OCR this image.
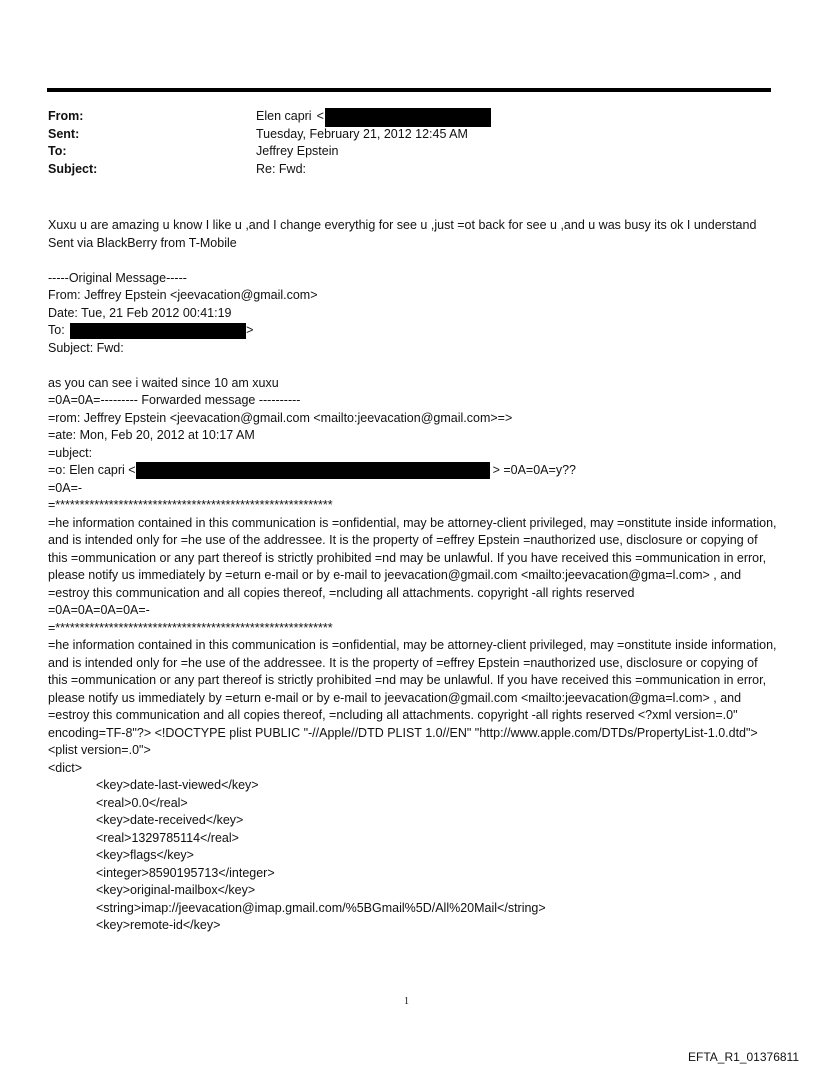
From:	Elen capri <
Sent:	Tuesday, February 21, 2012 12:45 AM
To:	Jeffrey Epstein
Subject:	Re: Fwd:

Xuxu u are amazing u know I like u ,and I change everythig for see u ,just =ot back for see u ,and u was busy its ok I understand Sent via BlackBerry from T-Mobile

-----Original Message-----
From: Jeffrey Epstein <jeevacation@gmail.com>
Date: Tue, 21 Feb 2012 00:41:19
To:	>
Subject: Fwd:
as you can see i waited since 10 am xuxu
=0A=0A=--------- Forwarded message ----------
=rom: Jeffrey Epstein <jeevacation@gmail.com <mailto:jeevacation@gmail.com>=>
=ate: Mon, Feb 20, 2012 at 10:17 AM
=ubject:
=o: Elen capri <	> =0A=0A=y??
=0A=-
=*********************************************************

=he information contained in this communication is =onfidential, may be attorney-client privileged, may =onstitute inside information, and is intended only for =he use of the addressee. It is the property of =effrey Epstein =nauthorized use, disclosure or copying of this =ommunication or any part thereof is strictly prohibited =nd may be unlawful. If you have received this =ommunication in error, please notify us immediately by =eturn e-mail or by e-mail to jeevacation@gmail.com <mailto:jeevacation@gma=l.com> , and =estroy this communication and all copies thereof, =ncluding all attachments. copyright -all rights reserved

=0A=0A=0A=0A=-
=*********************************************************

=he information contained in this communication is =onfidential, may be attorney-client privileged, may =onstitute inside information, and is intended only for =he use of the addressee. It is the property of =effrey Epstein =nauthorized use, disclosure or copying of this =ommunication or any part thereof is strictly prohibited =nd may be unlawful. If you have received this =ommunication in error, please notify us immediately by =eturn e-mail or by e-mail to jeevacation@gmail.com <mailto:jeevacation@gma=l.com> , and =estroy this communication and all copies thereof, =ncluding all attachments. copyright -all rights reserved <?xml version=.0" encoding=TF-8"?> <!DOCTYPE plist PUBLIC "-//Apple//DTD PLIST 1.0//EN" "http://www.apple.com/DTDs/PropertyList-1.0.dtd">

<plist version=.0">
<dict>
<key>date-last-viewed</key>
<real>0.0</real>
<key>date-received</key>
<real>1329785114</real>
<key>flags</key>
<integer>8590195713</integer>
<key>original-mailbox</key>
<string>imap://jeevacation@imap.gmail.com/%5BGmail%5D/All%20Mail</string>
<key>remote-id</key>
1
EFTA_R1_01376811
